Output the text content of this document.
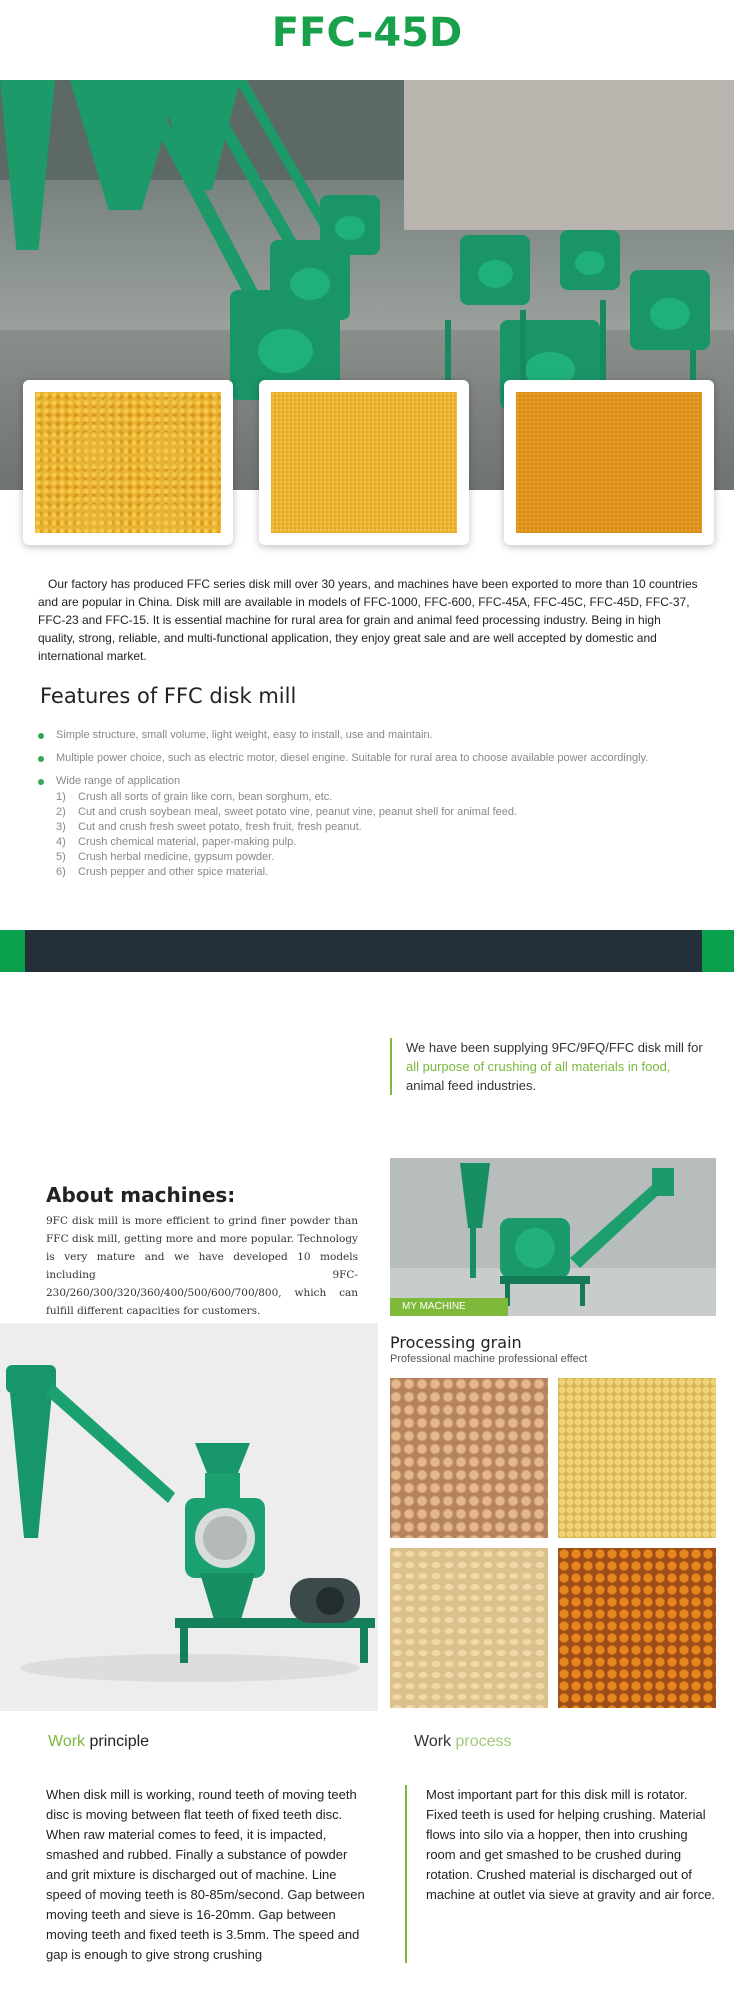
FFC-45D

Our factory has produced FFC series disk mill over 30 years, and machines have been exported to more than 10 countries and are popular in China. Disk mill are available in models of FFC-1000, FFC-600, FFC-45A, FFC-45C, FFC-45D, FFC-37, FFC-23 and FFC-15. It is essential machine for rural area for grain and animal feed processing industry. Being in high quality, strong, reliable, and multi-functional application, they enjoy great sale and are well accepted by domestic and international market.

Features of FFC disk mill
Simple structure, small volume, light weight, easy to install, use and maintain.
Multiple power choice, such as electric motor, diesel engine. Suitable for rural area to choose available power accordingly.
Wide range of application
1) Crush all sorts of grain like corn, bean sorghum, etc.
2) Cut and crush soybean meal, sweet potato vine, peanut vine, peanut shell for animal feed.
3) Cut and crush fresh sweet potato, fresh fruit, fresh peanut.
4) Crush chemical material, paper-making pulp.
5) Crush herbal medicine, gypsum powder.
6) Crush pepper and other spice material.
We have been supplying 9FC/9FQ/FFC disk mill for
all purpose of crushing of all materials in food,
animal feed industries.
About machines:

9FC disk mill is more efficient to grind finer powder than FFC disk mill, getting more and more popular. Technology is very mature and we have developed 10 models including 9FC-230/260/300/320/360/400/500/600/700/800, which can fulfill different capacities for customers.	MY MACHINE
Processing grain
Professional machine professional effect
Work principle	Work process

When disk mill is working, round teeth of moving teeth disc is moving between flat teeth of fixed teeth disc. When raw material comes to feed, it is impacted, smashed and rubbed. Finally a substance of powder and grit mixture is discharged out of machine. Line speed of moving teeth is 80-85m/second. Gap between moving teeth and sieve is 16-20mm. Gap between moving teeth and fixed teeth is 3.5mm. The speed and gap is enough to give strong crushing

Most important part for this disk mill is rotator. Fixed teeth is used for helping crushing. Material flows into silo via a hopper, then into crushing room and get smashed to be crushed during rotation. Crushed material is discharged out of machine at outlet via sieve at gravity and air force.
